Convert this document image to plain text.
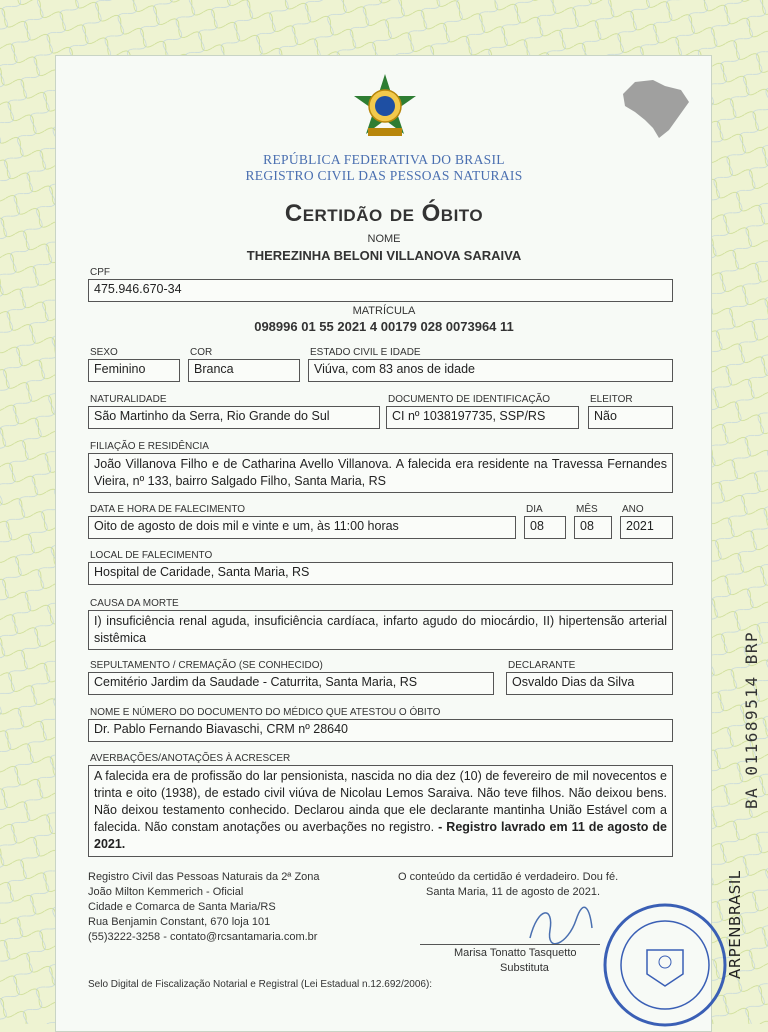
REPÚBLICA FEDERATIVA DO BRASIL
REGISTRO CIVIL DAS PESSOAS NATURAIS
Certidão de Óbito
NOME
THEREZINHA BELONI VILLANOVA SARAIVA
CPF
475.946.670-34
MATRÍCULA
098996 01 55 2021 4 00179 028 0073964 11
SEXO
Feminino
COR
Branca
ESTADO CIVIL E IDADE
Viúva, com 83 anos de idade
NATURALIDADE
São Martinho da Serra, Rio Grande do Sul
DOCUMENTO DE IDENTIFICAÇÃO
CI nº 1038197735, SSP/RS
ELEITOR
Não
FILIAÇÃO E RESIDÊNCIA
João Villanova Filho e de Catharina Avello Villanova. A falecida era residente na Travessa Fernandes Vieira, nº 133, bairro Salgado Filho, Santa Maria, RS
DATA E HORA DE FALECIMENTO
Oito de agosto de dois mil e vinte e um, às 11:00 horas
DIA
08
MÊS
08
ANO
2021
LOCAL DE FALECIMENTO
Hospital de Caridade, Santa Maria, RS
CAUSA DA MORTE
I) insuficiência renal aguda, insuficiência cardíaca, infarto agudo do miocárdio, II) hipertensão arterial sistêmica
SEPULTAMENTO / CREMAÇÃO (SE CONHECIDO)
Cemitério Jardim da Saudade - Caturrita, Santa Maria, RS
DECLARANTE
Osvaldo Dias da Silva
NOME E NÚMERO DO DOCUMENTO DO MÉDICO QUE ATESTOU O ÓBITO
Dr. Pablo Fernando Biavaschi, CRM nº 28640
AVERBAÇÕES/ANOTAÇÕES À ACRESCER
A falecida era de profissão do lar pensionista, nascida no dia dez (10) de fevereiro de mil novecentos e trinta e oito (1938), de estado civil viúva de Nicolau Lemos Saraiva. Não teve filhos. Não deixou bens. Não deixou testamento conhecido. Declarou ainda que ele declarante mantinha União Estável com a falecida. Não constam anotações ou averbações no registro. - Registro lavrado em 11 de agosto de 2021.
Registro Civil das Pessoas Naturais da 2ª Zona
João Milton Kemmerich - Oficial
Cidade e Comarca de Santa Maria/RS
Rua Benjamin Constant, 670 loja 101
(55)3222-3258 - contato@rcsantamaria.com.br
O conteúdo da certidão é verdadeiro. Dou fé.
Santa Maria, 11 de agosto de 2021.
Marisa Tonatto Tasquetto
Substituta
Selo Digital de Fiscalização Notarial e Registral (Lei Estadual n.12.692/2006):
BA 011689514 BRP
ARPENBRASIL
